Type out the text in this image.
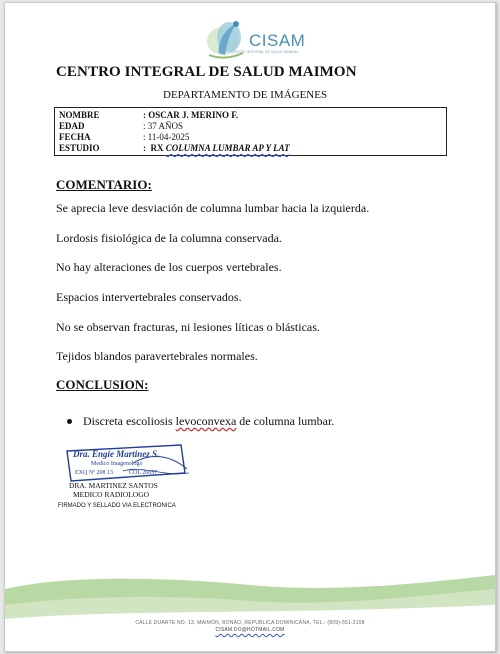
CISAM
CENTRO INTEGRAL DE SALUD MAIMON
CENTRO INTEGRAL DE SALUD MAIMON
DEPARTAMENTO DE IMÁGENES
NOMBRE	: OSCAR J. MERINO F.
EDAD	: 37 AÑOS
FECHA	: 11-04-2025
ESTUDIO	:  RX COLUMNA LUMBAR AP Y LAT
COMENTARIO:
Se aprecia leve desviación de columna lumbar hacia la izquierda.
Lordosis fisiológica de la columna conservada.
No hay alteraciones de los cuerpos vertebrales.
Espacios intervertebrales conservados.
No se observan fracturas, ni lesiones líticas o blásticas.
Tejidos blandos paravertebrales normales.
CONCLUSION:
Discreta escoliosis levoconvexa de columna lumbar.
Dra. Engie Martinez S.
Medico Imagenologo
EXQ Nº 208 13	COL 26057
DRA. MARTINEZ SANTOS
MEDICO RADIOLOGO
FIRMADO Y SELLADO VIA ELECTRONICA
CALLE DUARTE NO. 13, MAIMÓN, BONAO, REPUBLICA DOMINICANA, TEL.: (809)-551-2198
CISAM.DO@HOTMAIL.COM
